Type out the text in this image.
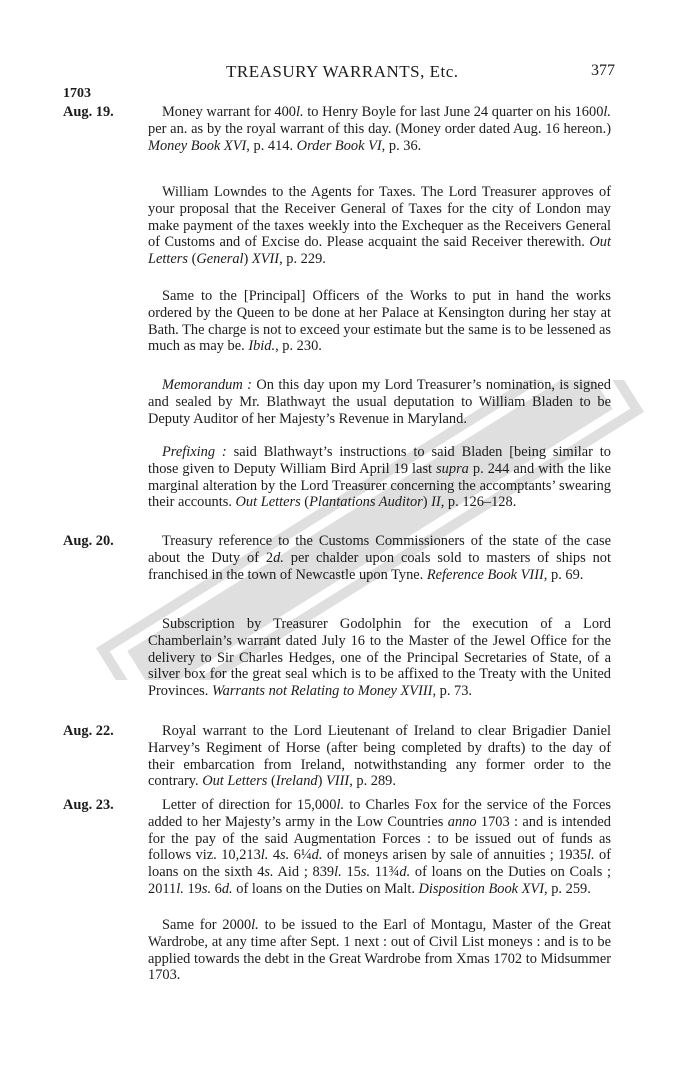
TREASURY WARRANTS, Etc.	377
1703
Aug. 19.	Money warrant for 400l. to Henry Boyle for last June 24 quarter on his 1600l. per an. as by the royal warrant of this day. (Money order dated Aug. 16 hereon.) Money Book XVI, p. 414. Order Book VI, p. 36.
William Lowndes to the Agents for Taxes. The Lord Treasurer approves of your proposal that the Receiver General of Taxes for the city of London may make payment of the taxes weekly into the Exchequer as the Receivers General of Customs and of Excise do. Please acquaint the said Receiver therewith. Out Letters (General) XVII, p. 229.
Same to the [Principal] Officers of the Works to put in hand the works ordered by the Queen to be done at her Palace at Kensington during her stay at Bath. The charge is not to exceed your estimate but the same is to be lessened as much as may be. Ibid., p. 230.
Memorandum : On this day upon my Lord Treasurer’s nomination, is signed and sealed by Mr. Blathwayt the usual deputation to William Bladen to be Deputy Auditor of her Majesty’s Revenue in Maryland.
Prefixing : said Blathwayt’s instructions to said Bladen [being similar to those given to Deputy William Bird April 19 last supra p. 244 and with the like marginal alteration by the Lord Treasurer concerning the accomptants’ swearing their accounts. Out Letters (Plantations Auditor) II, p. 126–128.
Aug. 20.	Treasury reference to the Customs Commissioners of the state of the case about the Duty of 2d. per chalder upon coals sold to masters of ships not franchised in the town of Newcastle upon Tyne. Reference Book VIII, p. 69.
Subscription by Treasurer Godolphin for the execution of a Lord Chamberlain’s warrant dated July 16 to the Master of the Jewel Office for the delivery to Sir Charles Hedges, one of the Principal Secretaries of State, of a silver box for the great seal which is to be affixed to the Treaty with the United Provinces. Warrants not Relating to Money XVIII, p. 73.
Aug. 22.	Royal warrant to the Lord Lieutenant of Ireland to clear Brigadier Daniel Harvey’s Regiment of Horse (after being completed by drafts) to the day of their embarcation from Ireland, notwithstanding any former order to the contrary. Out Letters (Ireland) VIII, p. 289.
Aug. 23.	Letter of direction for 15,000l. to Charles Fox for the service of the Forces added to her Majesty’s army in the Low Countries anno 1703 : and is intended for the pay of the said Augmentation Forces : to be issued out of funds as follows viz. 10,213l. 4s. 6¼d. of moneys arisen by sale of annuities ; 1935l. of loans on the sixth 4s. Aid ; 839l. 15s. 11¾d. of loans on the Duties on Coals ; 2011l. 19s. 6d. of loans on the Duties on Malt. Disposition Book XVI, p. 259.
Same for 2000l. to be issued to the Earl of Montagu, Master of the Great Wardrobe, at any time after Sept. 1 next : out of Civil List moneys : and is to be applied towards the debt in the Great Wardrobe from Xmas 1702 to Midsummer 1703.
